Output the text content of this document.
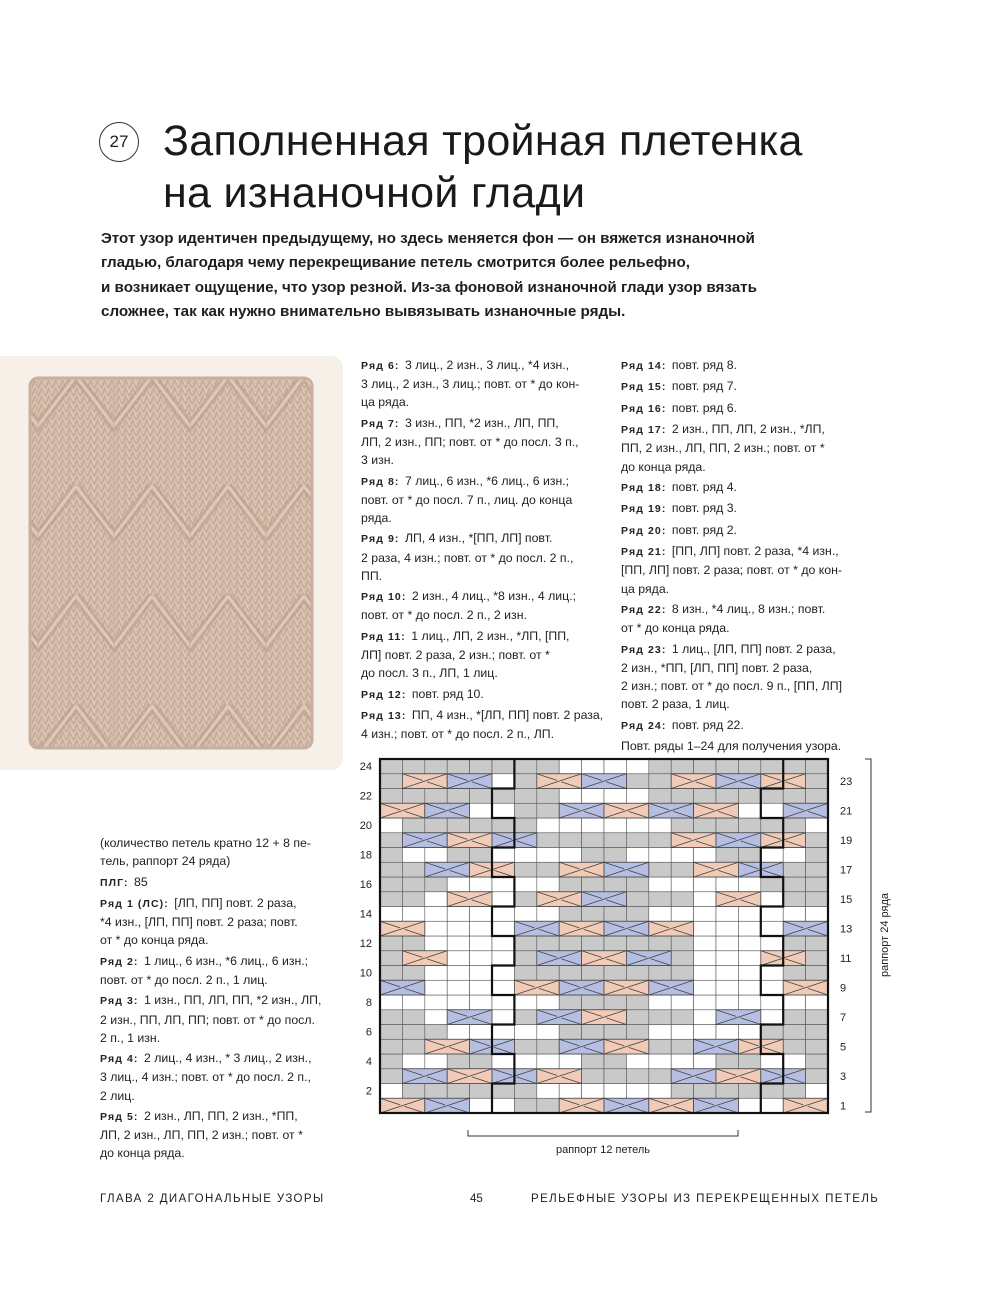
27 Заполненная тройная плетенка
на изнаночной глади

Этот узор идентичен предыдущему, но здесь меняется фон — он вяжется изнаночной
гладью, благодаря чему перекрещивание петель смотрится более рельефно,
и возникает ощущение, что узор резной. Из-за фоновой изнаночной глади узор вязать
сложнее, так как нужно внимательно вывязывать изнаночные ряды.

(количество петель кратно 12 + 8 пе-
тель, раппорт 24 ряда)

ПЛГ: 85

Ряд 1 (ЛС): [ЛП, ПП] повт. 2 раза,
*4 изн., [ЛП, ПП] повт. 2 раза; повт.
от * до конца ряда.

Ряд 2: 1 лиц., 6 изн., *6 лиц., 6 изн.;
повт. от * до посл. 2 п., 1 лиц.

Ряд 3: 1 изн., ПП, ЛП, ПП, *2 изн., ЛП,
2 изн., ПП, ЛП, ПП; повт. от * до посл.
2 п., 1 изн.

Ряд 4: 2 лиц., 4 изн., * 3 лиц., 2 изн.,
3 лиц., 4 изн.; повт. от * до посл. 2 п.,
2 лиц.

Ряд 5: 2 изн., ЛП, ПП, 2 изн., *ПП,
ЛП, 2 изн., ЛП, ПП, 2 изн.; повт. от *
до конца ряда.

Ряд 6: 3 лиц., 2 изн., 3 лиц., *4 изн.,
3 лиц., 2 изн., 3 лиц.; повт. от * до кон-
ца ряда.

Ряд 7: 3 изн., ПП, *2 изн., ЛП, ПП,
ЛП, 2 изн., ПП; повт. от * до посл. 3 п.,
3 изн.

Ряд 8: 7 лиц., 6 изн., *6 лиц., 6 изн.;
повт. от * до посл. 7 п., лиц. до конца
ряда.

Ряд 9: ЛП, 4 изн., *[ПП, ЛП] повт.
2 раза, 4 изн.; повт. от * до посл. 2 п.,
ПП.

Ряд 10: 2 изн., 4 лиц., *8 изн., 4 лиц.;
повт. от * до посл. 2 п., 2 изн.

Ряд 11: 1 лиц., ЛП, 2 изн., *ЛП, [ПП,
ЛП] повт. 2 раза, 2 изн.; повт. от *
до посл. 3 п., ЛП, 1 лиц.

Ряд 12: повт. ряд 10.

Ряд 13: ПП, 4 изн., *[ЛП, ПП] повт. 2 раза,
4 изн.; повт. от * до посл. 2 п., ЛП.

Ряд 14: повт. ряд 8.

Ряд 15: повт. ряд 7.

Ряд 16: повт. ряд 6.

Ряд 17: 2 изн., ПП, ЛП, 2 изн., *ЛП,
ПП, 2 изн., ЛП, ПП, 2 изн.; повт. от *
до конца ряда.

Ряд 18: повт. ряд 4.

Ряд 19: повт. ряд 3.

Ряд 20: повт. ряд 2.

Ряд 21: [ПП, ЛП] повт. 2 раза, *4 изн.,
[ПП, ЛП] повт. 2 раза; повт. от * до кон-
ца ряда.

Ряд 22: 8 изн., *4 лиц., 8 изн.; повт.
от * до конца ряда.

Ряд 23: 1 лиц., [ЛП, ПП] повт. 2 раза,
2 изн., *ПП, [ЛП, ПП] повт. 2 раза,
2 изн.; повт. от * до посл. 9 п., [ПП, ЛП]
повт. 2 раза, 1 лиц.

Ряд 24: повт. ряд 22.

Повт. ряды 1–24 для получения узора.

2
4
6
8
10
12
14
16
18
20
22
24
1
3
5
7
9
11
13
15
17
19
21
23
раппорт 24 ряда
раппорт 12 петель
ГЛАВА 2 ДИАГОНАЛЬНЫЕ УЗОРЫ	45	РЕЛЬЕФНЫЕ УЗОРЫ ИЗ ПЕРЕКРЕЩЕННЫХ ПЕТЕЛЬ
